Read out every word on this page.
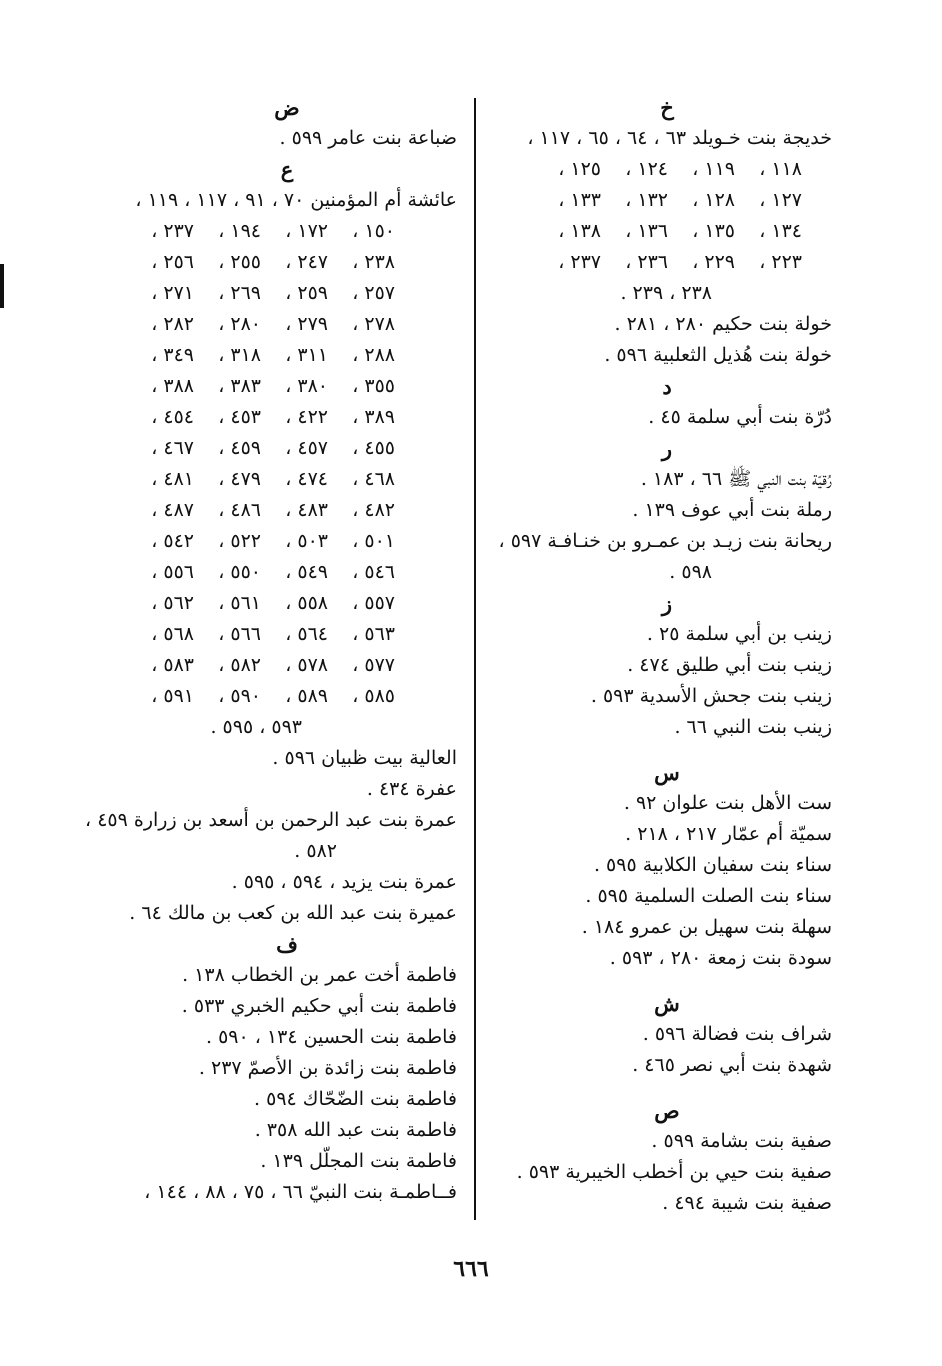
خ
خديجة بنت خـويلد ٦٣ ، ٦٤ ، ٦٥ ، ١١٧ ،
١١٨ ،
١١٩ ،
١٢٤ ،
١٢٥ ،
١٢٧ ،
١٢٨ ،
١٣٢ ،
١٣٣ ،
١٣٤ ،
١٣٥ ،
١٣٦ ،
١٣٨ ،
٢٢٣ ،
٢٢٩ ،
٢٣٦ ،
٢٣٧ ،
٢٣٨ ، ٢٣٩ .
خولة بنت حكيم ٢٨٠ ، ٢٨١ .
خولة بنت هُذيل الثعلبية ٥٩٦ .
د
دُرّة بنت أبي سلمة ٤٥ .
ر
رُقيّة بنت النبي ﷺ ٦٦ ، ١٨٣ .
رملة بنت أبي عوف ١٣٩ .
ريحانة بنت زيـد بن عمـرو بن خنـافـة ٥٩٧ ،
٥٩٨ .
ز
زينب بن أبي سلمة ٢٥ .
زينب بنت أبي طليق ٤٧٤ .
زينب بنت جحش الأسدية ٥٩٣ .
زينب بنت النبي ٦٦ .
س
ست الأهل بنت علوان ٩٢ .
سميّة أم عمّار ٢١٧ ، ٢١٨ .
سناء بنت سفيان الكلابية ٥٩٥ .
سناء بنت الصلت السلمية ٥٩٥ .
سهلة بنت سهيل بن عمرو ١٨٤ .
سودة بنت زمعة ٢٨٠ ، ٥٩٣ .
ش
شراف بنت فضالة ٥٩٦ .
شهدة بنت أبي نصر ٤٦٥ .
ص
صفية بنت بشامة ٥٩٩ .
صفية بنت حيي بن أخطب الخيبرية ٥٩٣ .
صفية بنت شيبة ٤٩٤ .
ض
ضباعة بنت عامر ٥٩٩ .
ع
عائشة أم المؤمنين ٧٠ ، ٩١ ، ١١٧ ، ١١٩ ،
١٥٠ ،
١٧٢ ،
١٩٤ ،
٢٣٧ ،
٢٣٨ ،
٢٤٧ ،
٢٥٥ ،
٢٥٦ ،
٢٥٧ ،
٢٥٩ ،
٢٦٩ ،
٢٧١ ،
٢٧٨ ،
٢٧٩ ،
٢٨٠ ،
٢٨٢ ،
٢٨٨ ،
٣١١ ،
٣١٨ ،
٣٤٩ ،
٣٥٥ ،
٣٨٠ ،
٣٨٣ ،
٣٨٨ ،
٣٨٩ ،
٤٢٢ ،
٤٥٣ ،
٤٥٤ ،
٤٥٥ ،
٤٥٧ ،
٤٥٩ ،
٤٦٧ ،
٤٦٨ ،
٤٧٤ ،
٤٧٩ ،
٤٨١ ،
٤٨٢ ،
٤٨٣ ،
٤٨٦ ،
٤٨٧ ،
٥٠١ ،
٥٠٣ ،
٥٢٢ ،
٥٤٢ ،
٥٤٦ ،
٥٤٩ ،
٥٥٠ ،
٥٥٦ ،
٥٥٧ ،
٥٥٨ ،
٥٦١ ،
٥٦٢ ،
٥٦٣ ،
٥٦٤ ،
٥٦٦ ،
٥٦٨ ،
٥٧٧ ،
٥٧٨ ،
٥٨٢ ،
٥٨٣ ،
٥٨٥ ،
٥٨٩ ،
٥٩٠ ،
٥٩١ ،
٥٩٣ ، ٥٩٥ .
العالية بيت ظبيان ٥٩٦ .
عفرة ٤٣٤ .
عمرة بنت عبد الرحمن بن أسعد بن زرارة ٤٥٩ ،
٥٨٢ .
عمرة بنت يزيد ، ٥٩٤ ، ٥٩٥ .
عميرة بنت عبد الله بن كعب بن مالك ٦٤ .
ف
فاطمة أخت عمر بن الخطاب ١٣٨ .
فاطمة بنت أبي حكيم الخبري ٥٣٣ .
فاطمة بنت الحسين ١٣٤ ، ٥٩٠ .
فاطمة بنت زائدة بن الأصمّ ٢٣٧ .
فاطمة بنت الضّحّاك ٥٩٤ .
فاطمة بنت عبد الله ٣٥٨ .
فاطمة بنت المجلّل ١٣٩ .
فــاطمـة بنت النبيّ ٦٦ ، ٧٥ ، ٨٨ ، ١٤٤ ،
٦٦٦
